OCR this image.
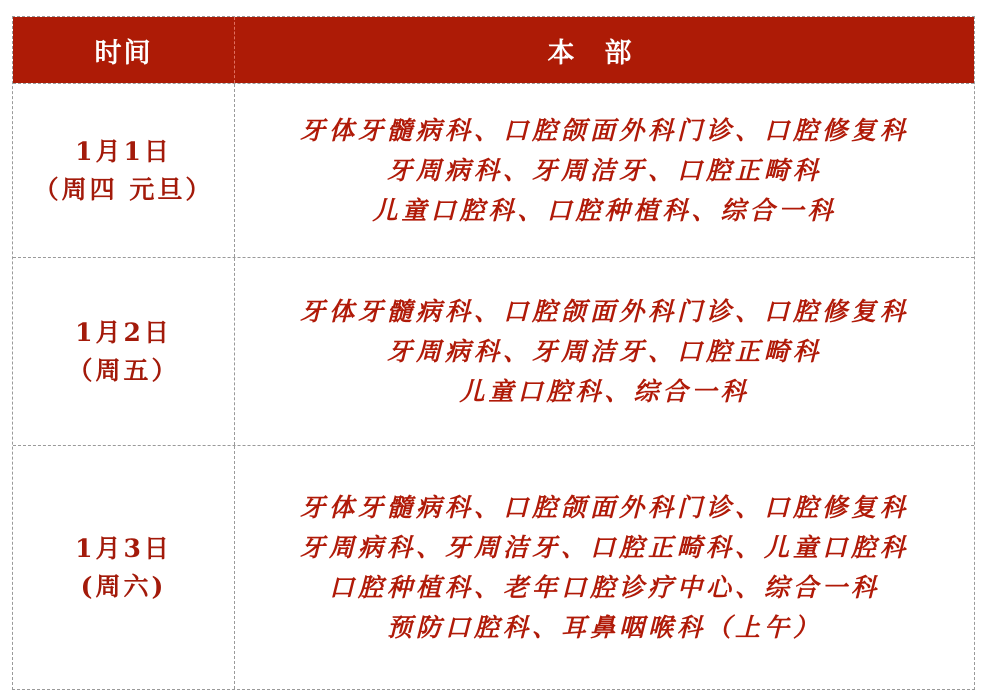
时间	本部
1月1日
（周四 元旦）
牙体牙髓病科、口腔颌面外科门诊、口腔修复科
牙周病科、牙周洁牙、口腔正畸科
儿童口腔科、口腔种植科、综合一科
1月2日
（周五）
牙体牙髓病科、口腔颌面外科门诊、口腔修复科
牙周病科、牙周洁牙、口腔正畸科
儿童口腔科、综合一科
1月3日
(周六)
牙体牙髓病科、口腔颌面外科门诊、口腔修复科
牙周病科、牙周洁牙、口腔正畸科、儿童口腔科
口腔种植科、老年口腔诊疗中心、综合一科
预防口腔科、耳鼻咽喉科（上午）
